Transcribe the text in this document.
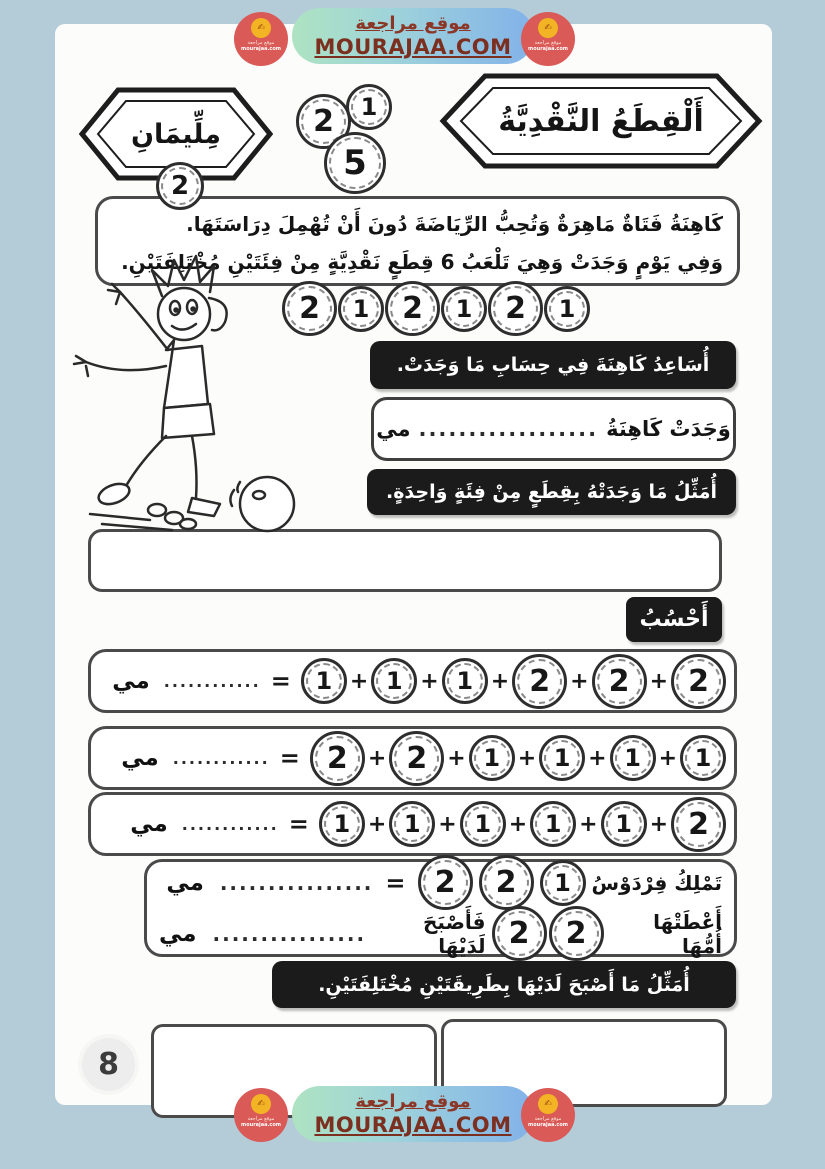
موقع مراجعة
MOURAJAA.COM
✍
موقع مراجعة
mourajaa.com
✍
موقع مراجعة
mourajaa.com
أَلْقِطَعُ النَّقْدِيَّةُ
مِلِّيمَانِ	2 1
5
2
كَاهِنَةُ فَتَاةٌ مَاهِرَةٌ وَتُحِبُّ الرِّيَاضَةَ دُونَ أَنْ تُهْمِلَ دِرَاسَتَهَا.
وَفِي يَوْمٍ وَجَدَتْ وَهِيَ تَلْعَبُ 6 قِطَعٍ نَقْدِيَّةٍ مِنْ فِئَتَيْنِ مُخْتَلِفَتَيْنِ.
1
2
1
2
1
2
أُسَاعِدُ كَاهِنَةَ فِي حِسَابِ مَا وَجَدَتْ.
وَجَدَتْ كَاهِنَةُ
..................
مي
أُمَثِّلُ مَا وَجَدَتْهُ بِقِطَعٍ مِنْ فِئَةٍ وَاحِدَةٍ.
أَحْسُبُ
2
+
2
+
2
+
1
+
1
+
1
=
............
مي
1
+
1
+
1
+
1
+
2
+
2
=
............
مي
2
+
1
+
1
+
1
+
1
+
1
=
............
مي
تَمْلِكُ فِرْدَوْسُ
1
2
2
=
................
مي
أَعْطَتْهَا أُمُّهَا
2
2
فَأَصْبَحَ لَدَيْهَا
................
مي
أُمَثِّلُ مَا أَصْبَحَ لَدَيْهَا بِطَرِيقَتَيْنِ مُخْتَلِفَتَيْنِ.
8
موقع مراجعة
MOURAJAA.COM
✍
موقع مراجعة
mourajaa.com
✍
موقع مراجعة
mourajaa.com
